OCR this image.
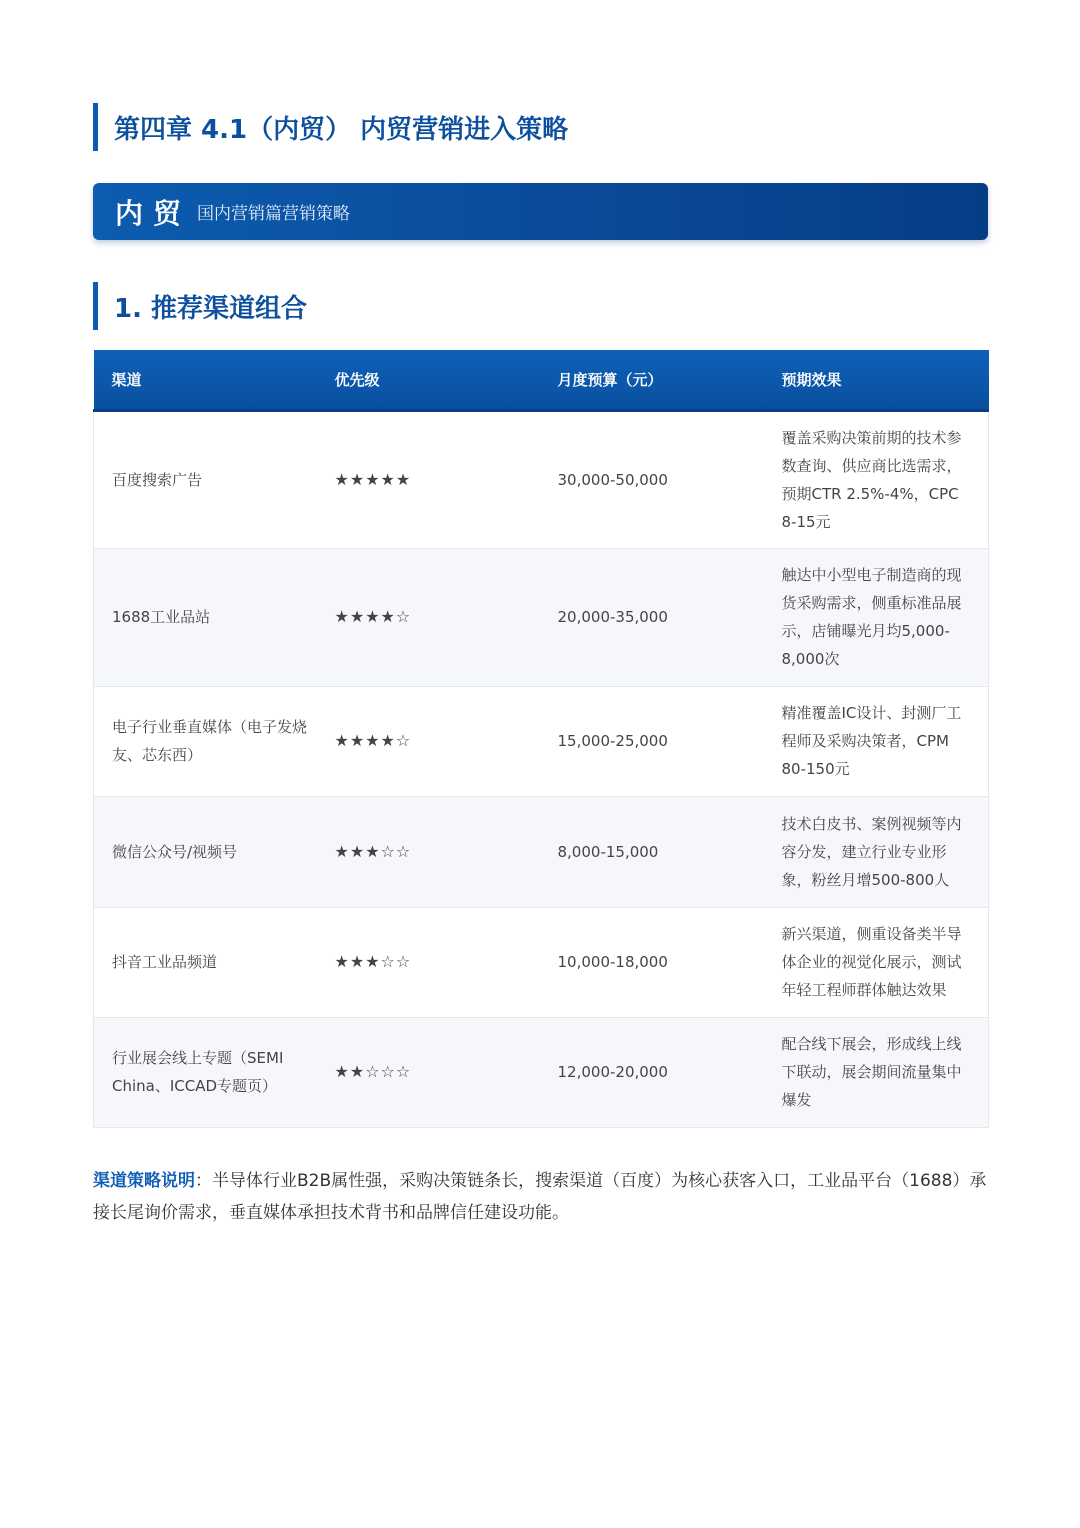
第四章 4.1（内贸） 内贸营销进入策略
内贸 国内营销篇营销策略
1. 推荐渠道组合
渠道	优先级	月度预算（元）	预期效果
百度搜索广告	★★★★★	30,000-50,000	覆盖采购决策前期的技术参数查询、供应商比选需求，预期CTR 2.5%-4%，CPC 8-15元
1688工业品站	★★★★☆	20,000-35,000	触达中小型电子制造商的现货采购需求，侧重标准品展示，店铺曝光月均5,000-8,000次
电子行业垂直媒体（电子发烧友、芯东西）	★★★★☆	15,000-25,000	精准覆盖IC设计、封测厂工程师及采购决策者，CPM 80-150元
微信公众号/视频号	★★★☆☆	8,000-15,000	技术白皮书、案例视频等内容分发，建立行业专业形象，粉丝月增500-800人
抖音工业品频道	★★★☆☆	10,000-18,000	新兴渠道，侧重设备类半导体企业的视觉化展示，测试年轻工程师群体触达效果
行业展会线上专题（SEMI China、ICCAD专题页）	★★☆☆☆	12,000-20,000	配合线下展会，形成线上线下联动，展会期间流量集中爆发

渠道策略说明：半导体行业B2B属性强，采购决策链条长，搜索渠道（百度）为核心获客入口，工业品平台（1688）承接长尾询价需求，垂直媒体承担技术背书和品牌信任建设功能。
